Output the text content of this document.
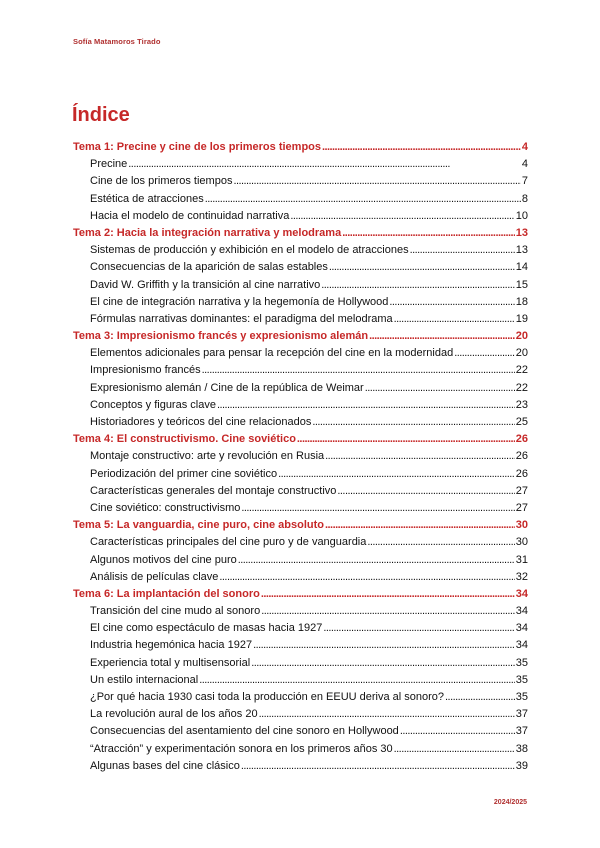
Sofía Matamoros Tirado
Índice
Tema 1: Precine y cine de los primeros tiempos . . .	4
Precine . . .	4
Cine de los primeros tiempos . . .	7
Estética de atracciones . . .	8
Hacia el modelo de continuidad narrativa . . .	10
Tema 2: Hacia la integración narrativa y melodrama . . .	13
Sistemas de producción y exhibición en el modelo de atracciones . . .	13
Consecuencias de la aparición de salas estables . . .	14
David W. Griffith y la transición al cine narrativo . . .	15
El cine de integración narrativa y la hegemonía de Hollywood . . .	18
Fórmulas narrativas dominantes: el paradigma del melodrama . . .	19
Tema 3: Impresionismo francés y expresionismo alemán . . .	20
Elementos adicionales para pensar la recepción del cine en la modernidad . . .	20
Impresionismo francés . . .	22
Expresionismo alemán / Cine de la república de Weimar . . .	22
Conceptos y figuras clave . . .	23
Historiadores y teóricos del cine relacionados . . .	25
Tema 4: El constructivismo. Cine soviético . . .	26
Montaje constructivo: arte y revolución en Rusia . . .	26
Periodización del primer cine soviético . . .	26
Características generales del montaje constructivo . . .	27
Cine soviético: constructivismo . . .	27
Tema 5: La vanguardia, cine puro, cine absoluto . . .	30
Características principales del cine puro y de vanguardia . . .	30
Algunos motivos del cine puro . . .	31
Análisis de películas clave . . .	32
Tema 6: La implantación del sonoro . . .	34
Transición del cine mudo al sonoro . . .	34
El cine como espectáculo de masas hacia 1927 . . .	34
Industria hegemónica hacia 1927 . . .	34
Experiencia total y multisensorial . . .	35
Un estilo internacional . . .	35
¿Por qué hacia 1930 casi toda la producción en EEUU deriva al sonoro? . . .	35
La revolución aural de los años 20 . . .	37
Consecuencias del asentamiento del cine sonoro en Hollywood . . .	37
“Atracción” y experimentación sonora en los primeros años 30 . . .	38
Algunas bases del cine clásico . . .	39
2024/2025
